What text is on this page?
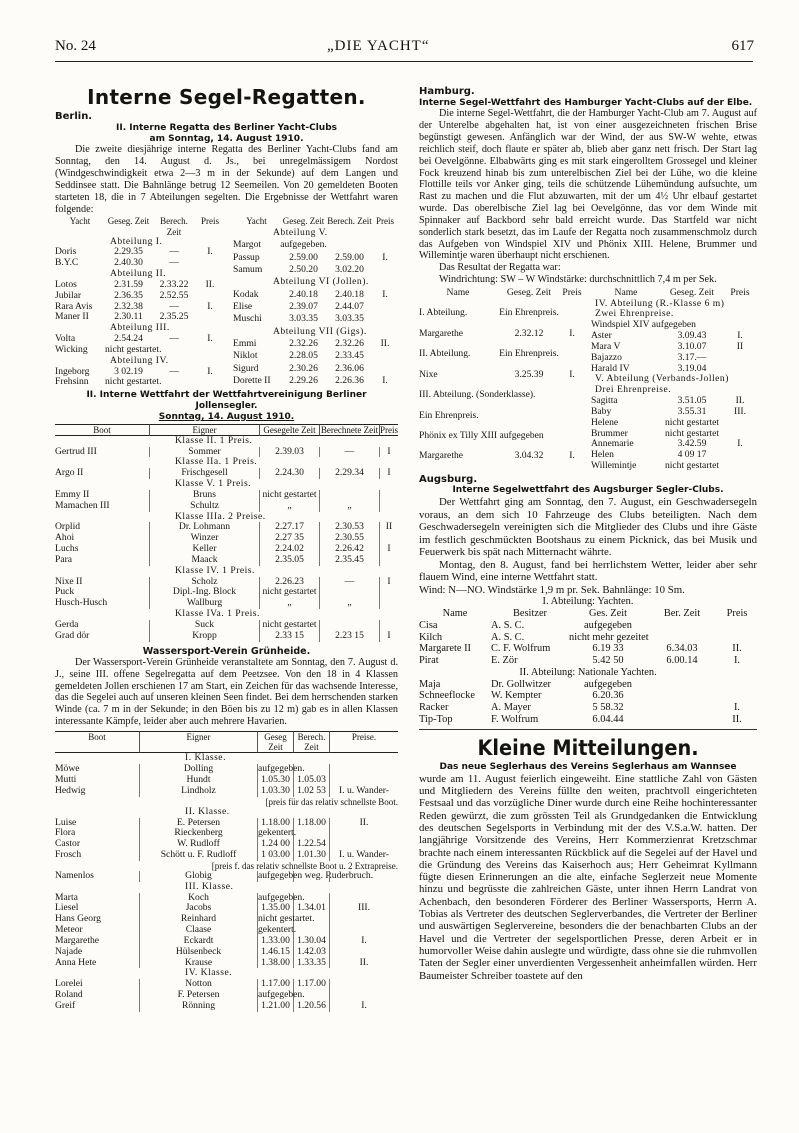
No. 24	„DIE YACHT“	617
Interne Segel-Regatten.
Berlin.
II. Interne Regatta des Berliner Yacht-Clubs
am Sonntag, 14. August 1910.

Die zweite diesjährige interne Regatta des Berliner Yacht-Clubs fand am Sonntag, den 14. August d. Js., bei unregelmässigem Nordost (Windgeschwindigkeit etwa 2—3 m in der Sekunde) auf dem Langen und Seddinsee statt. Die Bahnlänge betrug 12 Seemeilen. Von 20 gemeldeten Booten starteten 18, die in 7 Abteilungen segelten. Die Ergebnisse der Wettfahrt waren folgende:

Yacht	Geseg. Zeit	Berech. Zeit
Preis
Abteilung I.
Doris	2.29.35	—	I.
B.Y.C	2.40.30	—
Abteilung II.
Lotos	2.31.59	2.33.22	II.
Jubilar	2.36.35	2.52.55
Rara Avis	2.32.38	—	I.
Maner II	2.30.11	2.35.25
Abteilung III.
Volta	2.54.24	—	I.
Wicking	nicht gestartet.
Abteilung IV.
Ingeborg	3 02.19	—	I.
Frehsinn	nicht gestartet.
Yacht	Geseg. Zeit Berech. Zeit Preis
Abteilung V.
Margot	aufgegeben.
Passup	2.59.00	2.59.00	I.
Samum	2.50.20	3.02.20
Abteilung VI (Jollen).
Kodak	2.40.18	2.40.18	I.
Elise	2.39.07	2.44.07
Muschi	3.03.35	3.03.35
Abteilung VII (Gigs).
Emmi	2.32.26	2.32.26	II.
Niklot	2.28.05	2.33.45
Sigurd	2.30.26	2.36.06
Dorette II	2.29.26	2.26.36	I.
II. Interne Wettfahrt der Wettfahrtvereinigung Berliner Jollensegler.
Sonntag, 14. August 1910.
Boot	Eigner	Gesegelte Zeit Berechnete Zeit Preis
Klasse II. 1 Preis.
Gertrud III	Sommer	2.39.03	—	I
Klasse IIa. 1 Preis.
Argo II	Frischgesell	2.24.30	2.29.34	I
Klasse V. 1 Preis.
Emmy II	Bruns	nicht gestartet
Mamachen III	Schultz	„	„
Klasse IIIa. 2 Preise.
Orplid	Dr. Lohmann	2.27.17	2.30.53	II
Ahoi	Winzer	2.27 35	2.30.55
Luchs	Keller	2.24.02	2.26.42	I
Para	Maack	2.35.05	2.35.45
Klasse IV. 1 Preis.
Nixe II	Scholz	2.26.23	—	I
Puck	Dipl.-Ing. Block	nicht gestartet
Husch-Husch	Wallburg	„	„
Klasse IVa. 1 Preis.
Gerda	Suck	nicht gestartet
Grad dör	Kropp	2.33 15	2.23 15	I
Wassersport-Verein Grünheide.

Der Wassersport-Verein Grünheide veranstaltete am Sonntag, den 7. August d. J., seine III. offene Segelregatta auf dem Peetzsee. Von den 18 in 4 Klassen gemeldeten Jollen erschienen 17 am Start, ein Zeichen für das wachsende Interesse, das die Segelei auch auf unseren kleinen Seen findet. Bei dem herrschenden starken Winde (ca. 7 m in der Sekunde; in den Böen bis zu 12 m) gab es in allen Klassen interessante Kämpfe, leider aber auch mehrere Havarien.

Boot	Eigner	Geseg Zeit
Berech. Zeit
Preise.
I. Klasse.
Möwe	Dolling	aufgegeben.
Mutti	Hundt	1.05.30 1.05.03
Hedwig	Lindholz	1.03.30 1.02 53	I. u. Wander-
[preis für das relativ schnellste Boot.
II. Klasse.
Luise	E. Petersen	1.18.00 1.18.00	II.
Flora	Rieckenberg	gekentert.
Castor	W. Rudloff	1.24 00 1.22.54
Frosch	Schött u. F. Rudloff	1 03.00 1.01.30	I. u. Wander-
[preis f. das relativ schnellste Boot u. 2 Extrapreise.
Namenlos	Globig	aufgegeben weg. Ruderbruch.
III. Klasse.
Marta	Koch	aufgegeben.
Liesel	Jacobs	1.35.00 1.34.01	III.
Hans Georg	Reinhard	nicht gestartet.
Meteor	Claase	gekentert.
Margarethe	Eckardt	1.33.00 1.30.04	I.
Najade	Hülsenbeck	1.46.15 1.42.03
Anna Hete	Krause	1.38.00 1.33.35	II.
IV. Klasse.
Lorelei	Notton	1.17.00 1.17.00
Roland	F. Petersen	aufgegeben.
Greif	Rönning	1.21.00 1.20.56	I.
Hamburg.
Interne Segel-Wettfahrt des Hamburger Yacht-Clubs auf der Elbe.

Die interne Segel-Wettfahrt, die der Hamburger Yacht-Club am 7. August auf der Unterelbe abgehalten hat, ist von einer ausgezeichneten frischen Brise begünstigt gewesen. Anfänglich war der Wind, der aus SW-W wehte, etwas reichlich steif, doch flaute er später ab, blieb aber ganz nett frisch. Der Start lag bei Oevelgönne. Elbabwärts ging es mit stark eingerolltem Grossegel und kleiner Fock kreuzend hinab bis zum unterelbischen Ziel bei der Lühe, wo die kleine Flottille teils vor Anker ging, teils die schützende Lühemündung aufsuchte, um Rast zu machen und die Flut abzuwarten, mit der um 4½ Uhr elbauf gestartet wurde. Das oberelbische Ziel lag bei Oevelgönne, das vor dem Winde mit Spinnaker auf Backbord sehr bald erreicht wurde. Das Startfeld war nicht sonderlich stark besetzt, das im Laufe der Regatta noch zusammenschmolz durch das Aufgeben von Windspiel XIV und Phönix XIII. Helene, Brummer und Willemintje waren überhaupt nicht erschienen.

Das Resultat der Regatta war:

Windrichtung: SW – W Windstärke: durchschnittlich 7,4 m per Sek.

Name	Geseg. Zeit	Preis
I. Abteilung.	Ein Ehrenpreis.
Margarethe	2.32.12	I.
II. Abteilung.	Ein Ehrenpreis.
Nixe	3.25.39	I.
III. Abteilung. (Sonderklasse).
Ein Ehrenpreis.
Phönix ex Tilly XIII aufgegeben
Margarethe	3.04.32	I.
Name	Geseg. Zeit	Preis
IV. Abteilung (R.-Klasse 6 m)
Zwei Ehrenpreise.
Windspiel XIV aufgegeben
Aster	3.09.43	I.
Mara V	3.10.07	II
Bajazzo	3.17.—
Harald IV	3.19.04
V. Abteilung (Verbands-Jollen)
Drei Ehrenpreise.
Sagitta	3.51.05	II.
Baby	3.55.31	III.
Helene	nicht gestartet
Brummer	nicht gestartet
Annemarie	3.42.59	I.
Helen	4 09 17
Willemintje	nicht gestartet
Augsburg.
Interne Segelwettfahrt des Augsburger Segler-Clubs.

Der Wettfahrt ging am Sonntag, den 7. August, ein Geschwadersegeln voraus, an dem sich 10 Fahrzeuge des Clubs beteiligten. Nach dem Geschwadersegeln vereinigten sich die Mitglieder des Clubs und ihre Gäste im festlich geschmückten Bootshaus zu einem Picknick, das bei Musik und Feuerwerk bis spät nach Mitternacht währte.

Montag, den 8. August, fand bei herrlichstem Wetter, leider aber sehr flauem Wind, eine interne Wettfahrt statt.

Wind: N—NO. Windstärke 1,9 m pr. Sek. Bahnlänge: 10 Sm.

I. Abteilung: Yachten.
Name	Besitzer	Ges. Zeit	Ber. Zeit	Preis
Cisa	A. S. C.	aufgegeben
Kilch	A. S. C.	nicht mehr gezeitet
Margarete II	C. F. Wolfrum	6.19 33	6.34.03	II.
Pirat	E. Zör	5.42 50	6.00.14	I.
II. Abteilung: Nationale Yachten.
Maja	Dr. Gollwitzer	aufgegeben
Schneeflocke	W. Kempter	6.20.36
Racker	A. Mayer	5 58.32	I.
Tip-Top	F. Wolfrum	6.04.44	II.
Kleine Mitteilungen.
Das neue Seglerhaus des Vereins Seglerhaus am Wannsee

wurde am 11. August feierlich eingeweiht. Eine stattliche Zahl von Gästen und Mitgliedern des Vereins füllte den weiten, prachtvoll eingerichteten Festsaal und das vorzügliche Diner wurde durch eine Reihe hochinteressanter Reden gewürzt, die zum grössten Teil als Grundgedanken die Entwicklung des deutschen Segelsports in Verbindung mit der des V.S.a.W. hatten. Der langjährige Vorsitzende des Vereins, Herr Kommerzienrat Kretzschmar brachte nach einem interessanten Rückblick auf die Segelei auf der Havel und die Gründung des Vereins das Kaiserhoch aus; Herr Geheimrat Kyllmann fügte diesen Erinnerungen an die alte, einfache Seglerzeit neue Momente hinzu und begrüsste die zahlreichen Gäste, unter ihnen Herrn Landrat von Achenbach, den besonderen Förderer des Berliner Wassersports, Herrn A. Tobias als Vertreter des deutschen Seglerverbandes, die Vertreter der Berliner und auswärtigen Seglervereine, besonders die der benachbarten Clubs an der Havel und die Vertreter der segelsportlichen Presse, deren Arbeit er in humorvoller Weise dahin auslegte und würdigte, dass ohne sie die ruhmvollen Taten der Segler einer unverdienten Vergessenheit anheimfallen würden. Herr Baumeister Schreiber toastete auf den
